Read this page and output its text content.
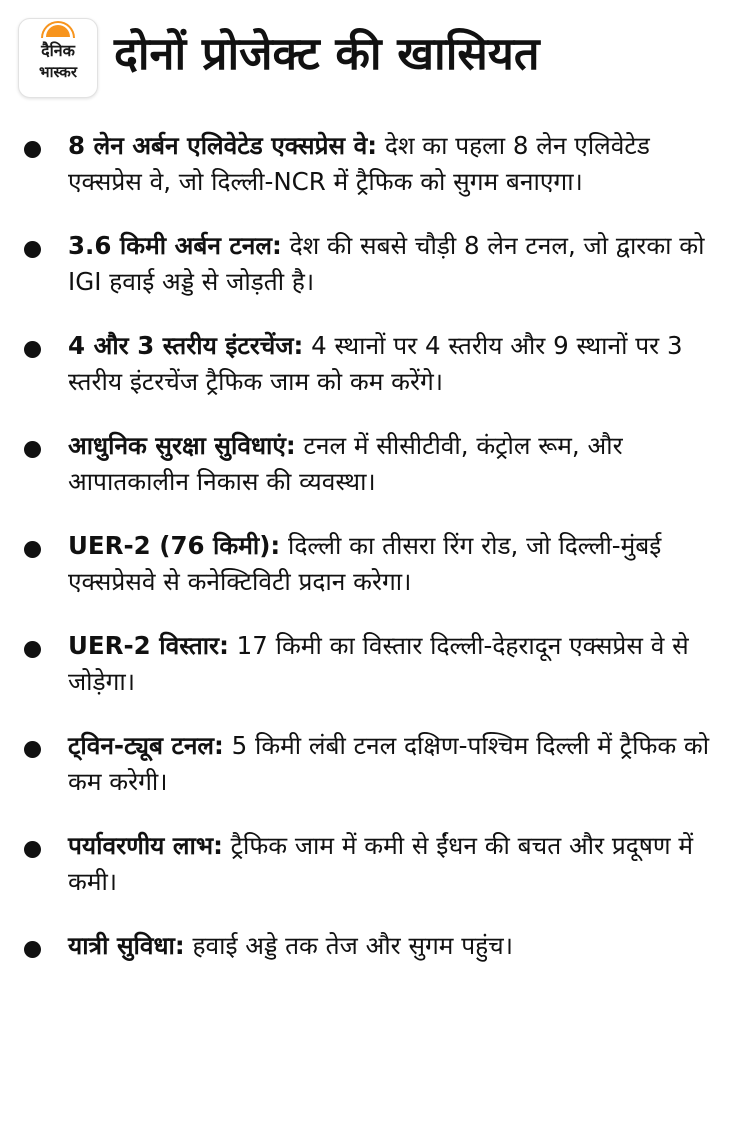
दैनिक
भास्कर दोनों प्रोजेक्ट की खासियत
8 लेन अर्बन एलिवेटेड एक्सप्रेस वे: देश का पहला 8 लेन एलिवेटेड एक्सप्रेस वे, जो दिल्ली-NCR में ट्रैफिक को सुगम बनाएगा।
3.6 किमी अर्बन टनल: देश की सबसे चौड़ी 8 लेन टनल, जो द्वारका को IGI हवाई अड्डे से जोड़ती है।
4 और 3 स्तरीय इंटरचेंज: 4 स्थानों पर 4 स्तरीय और 9 स्थानों पर 3 स्तरीय इंटरचेंज ट्रैफिक जाम को कम करेंगे।
आधुनिक सुरक्षा सुविधाएं: टनल में सीसीटीवी, कंट्रोल रूम, और आपातकालीन निकास की व्यवस्था।
UER-2 (76 किमी): दिल्ली का तीसरा रिंग रोड, जो दिल्ली-मुंबई एक्सप्रेसवे से कनेक्टिविटी प्रदान करेगा।
UER-2 विस्तार: 17 किमी का विस्तार दिल्ली-देहरादून एक्सप्रेस वे से जोड़ेगा।
ट्विन-ट्यूब टनल: 5 किमी लंबी टनल दक्षिण-पश्चिम दिल्ली में ट्रैफिक को कम करेगी।
पर्यावरणीय लाभ: ट्रैफिक जाम में कमी से ईंधन की बचत और प्रदूषण में कमी।
यात्री सुविधा: हवाई अड्डे तक तेज और सुगम पहुंच।
